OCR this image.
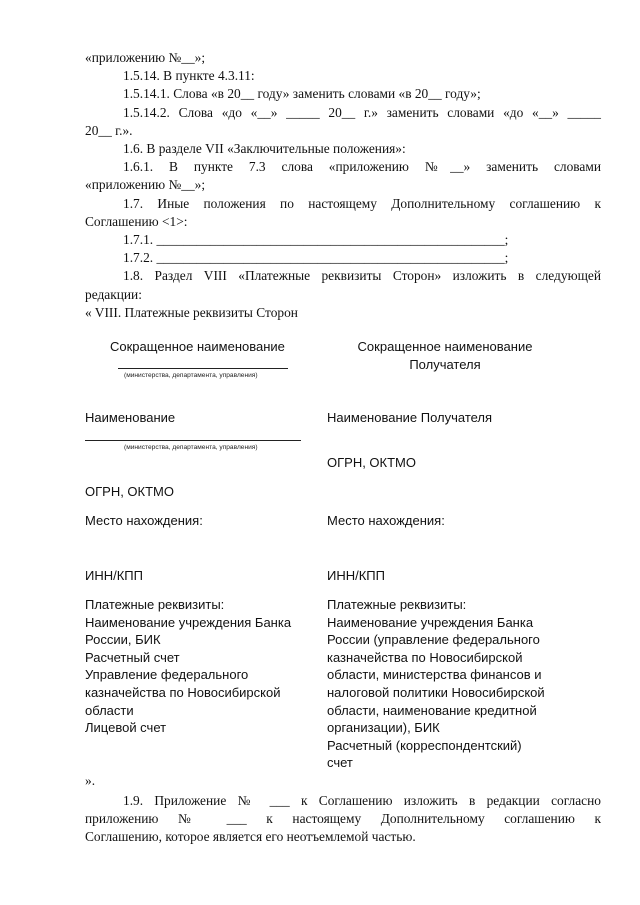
«приложению №__»;

1.5.14. В пункте 4.3.11:

1.5.14.1. Слова «в 20__ году» заменить словами «в 20__ году»;

1.5.14.2. Слова «до «__» _____ 20__ г.» заменить словами «до «__» _____

20__ г.».

1.6. В разделе VII «Заключительные положения»:

1.6.1. В пункте 7.3 слова «приложению №__» заменить словами

«приложению №__»;

1.7. Иные положения по настоящему Дополнительному соглашению к

Соглашению <1>:

1.7.1. ____________________________________________________;

1.7.2. ____________________________________________________;

1.8. Раздел VIII «Платежные реквизиты Сторон» изложить в следующей

редакции:

« VIII. Платежные реквизиты Сторон

Сокращенное наименование

(министерства, департамента, управления)

Наименование

(министерства, департамента, управления)

ОГРН, ОКТМО

Место нахождения:

ИНН/КПП

Платежные реквизиты:
Наименование учреждения Банка
России, БИК
Расчетный счет
Управление федерального
казначейства по Новосибирской
области
Лицевой счет
Сокращенное наименование
Получателя

Наименование Получателя

ОГРН, ОКТМО

Место нахождения:

ИНН/КПП

Платежные реквизиты:
Наименование учреждения Банка
России (управление федерального
казначейства по Новосибирской
области, министерства финансов и
налоговой политики Новосибирской
области, наименование кредитной
организации), БИК
Расчетный (корреспондентский)
счет

».

1.9. Приложение № ___ к Соглашению изложить в редакции согласно

приложению № ___ к настоящему Дополнительному соглашению к

Соглашению, которое является его неотъемлемой частью.
